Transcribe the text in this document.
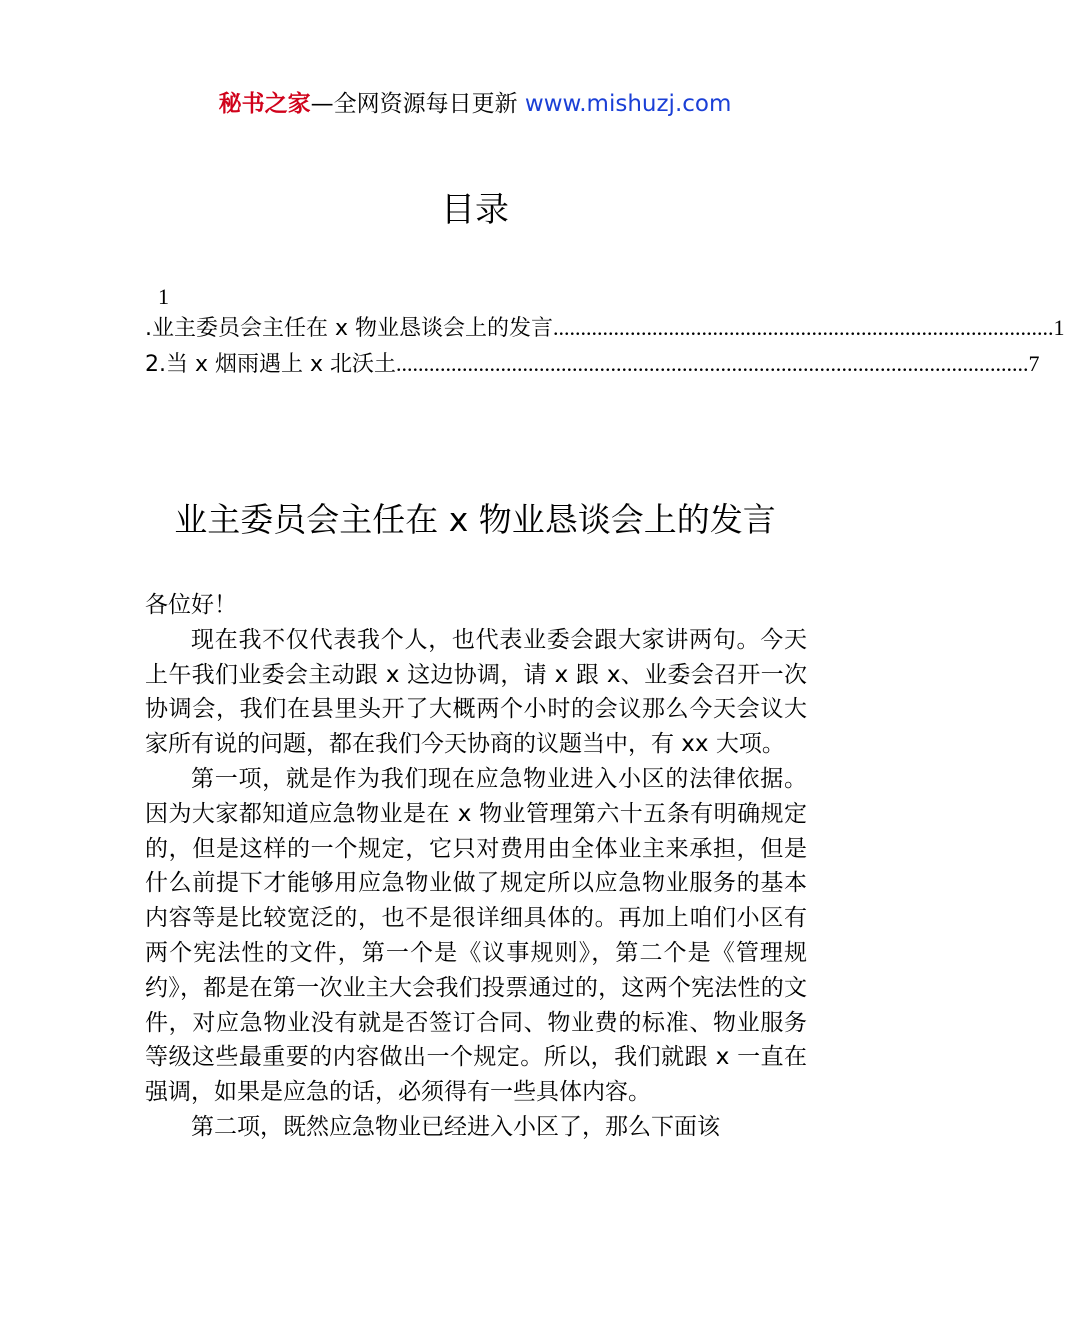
秘书之家—全网资源每日更新 www.mishuzj.com
目录
1
.业主委员会主任在 x 物业恳谈会上的发言 ........................................................................................... 1
2.当 x 烟雨遇上 x 北沃土 ................................................................................................................... 7
业主委员会主任在 x 物业恳谈会上的发言

各位好！

现在我不仅代表我个人，也代表业委会跟大家讲两句。今天上午我们业委会主动跟 x 这边协调，请 x 跟 x、业委会召开一次协调会，我们在县里头开了大概两个小时的会议那么今天会议大家所有说的问题，都在我们今天协商的议题当中，有 xx 大项。

第一项，就是作为我们现在应急物业进入小区的法律依据。因为大家都知道应急物业是在 x 物业管理第六十五条有明确规定的，但是这样的一个规定，它只对费用由全体业主来承担，但是什么前提下才能够用应急物业做了规定所以应急物业服务的基本内容等是比较宽泛的，也不是很详细具体的。再加上咱们小区有两个宪法性的文件，第一个是《议事规则》，第二个是《管理规约》，都是在第一次业主大会我们投票通过的，这两个宪法性的文件，对应急物业没有就是否签订合同、物业费的标准、物业服务等级这些最重要的内容做出一个规定。所以，我们就跟 x 一直在强调，如果是应急的话，必须得有一些具体内容。

第二项，既然应急物业已经进入小区了，那么下面该
